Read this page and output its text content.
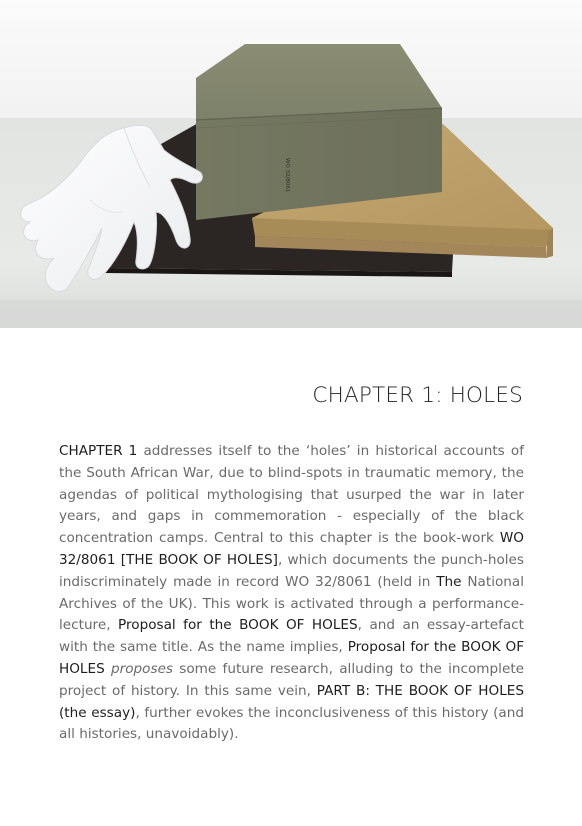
WO 32/8061
CHAPTER 1: HOLES
CHAPTER 1 addresses itself to the ‘holes’ in historical accounts of the South African War, due to blind-spots in traumatic memory, the agendas of political mythologising that usurped the war in later years, and gaps in commemoration - especially of the black concentration camps. Central to this chapter is the book-work WO 32/8061 [THE BOOK OF HOLES], which documents the punch-holes indiscriminately made in record WO 32/8061 (held in The National Archives of the UK). This work is activated through a performance-lecture, Proposal for the BOOK OF HOLES, and an essay-artefact with the same title. As the name implies, Proposal for the BOOK OF HOLES proposes some future research, alluding to the incomplete project of history. In this same vein, PART B: THE BOOK OF HOLES (the essay), further evokes the inconclusiveness of this history (and all histories, unavoidably).
